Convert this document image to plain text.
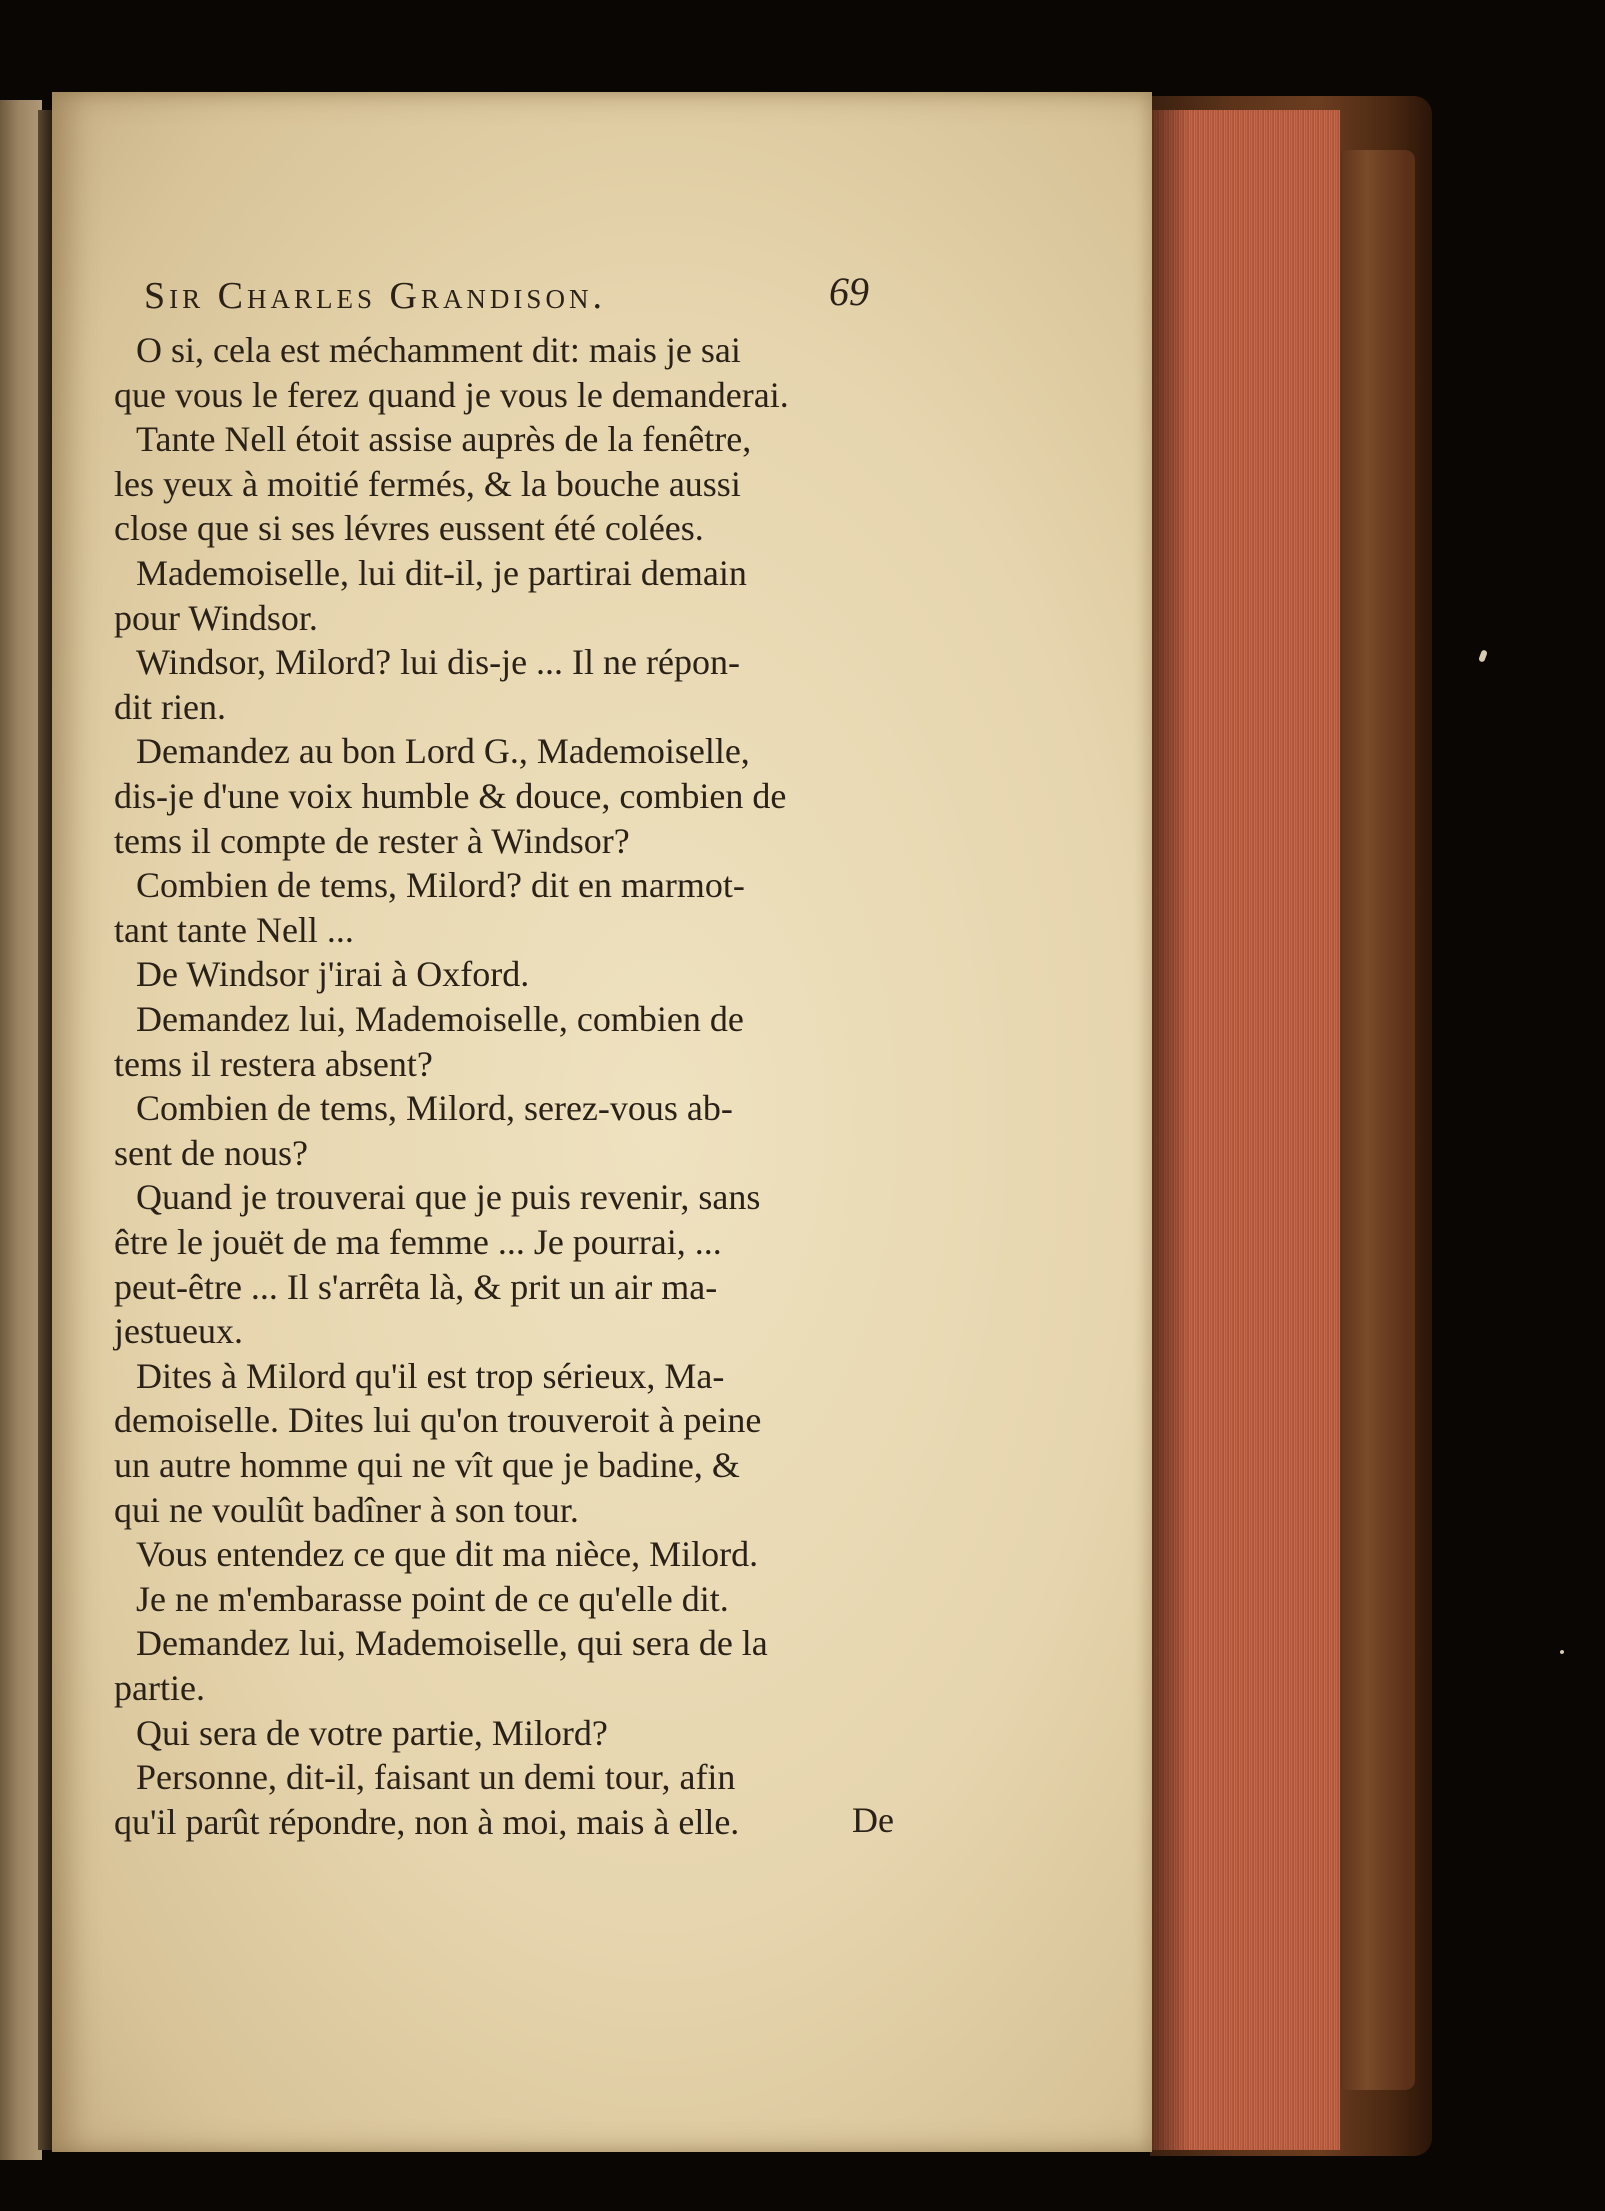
Sir Charles Grandison.	69
O si, cela est méchamment dit: mais je sai
que vous le ferez quand je vous le demanderai.
Tante Nell étoit assise auprès de la fenêtre,
les yeux à moitié fermés, & la bouche aussi
close que si ses lévres eussent été colées.
Mademoiselle, lui dit-il, je partirai demain
pour Windsor.
Windsor, Milord? lui dis-je ... Il ne répon-
dit rien.
Demandez au bon Lord G., Mademoiselle,
dis-je d'une voix humble & douce, combien de
tems il compte de rester à Windsor?
Combien de tems, Milord? dit en marmot-
tant tante Nell ...
De Windsor j'irai à Oxford.
Demandez lui, Mademoiselle, combien de
tems il restera absent?
Combien de tems, Milord, serez-vous ab-
sent de nous?
Quand je trouverai que je puis revenir, sans
être le jouët de ma femme ... Je pourrai, ...
peut-être ... Il s'arrêta là, & prit un air ma-
jestueux.
Dites à Milord qu'il est trop sérieux, Ma-
demoiselle. Dites lui qu'on trouveroit à peine
un autre homme qui ne vît que je badine, &
qui ne voulût badîner à son tour.
Vous entendez ce que dit ma nièce, Milord.
Je ne m'embarasse point de ce qu'elle dit.
Demandez lui, Mademoiselle, qui sera de la
partie.
Qui sera de votre partie, Milord?
Personne, dit-il, faisant un demi tour, afin
qu'il parût répondre, non à moi, mais à elle.	De
